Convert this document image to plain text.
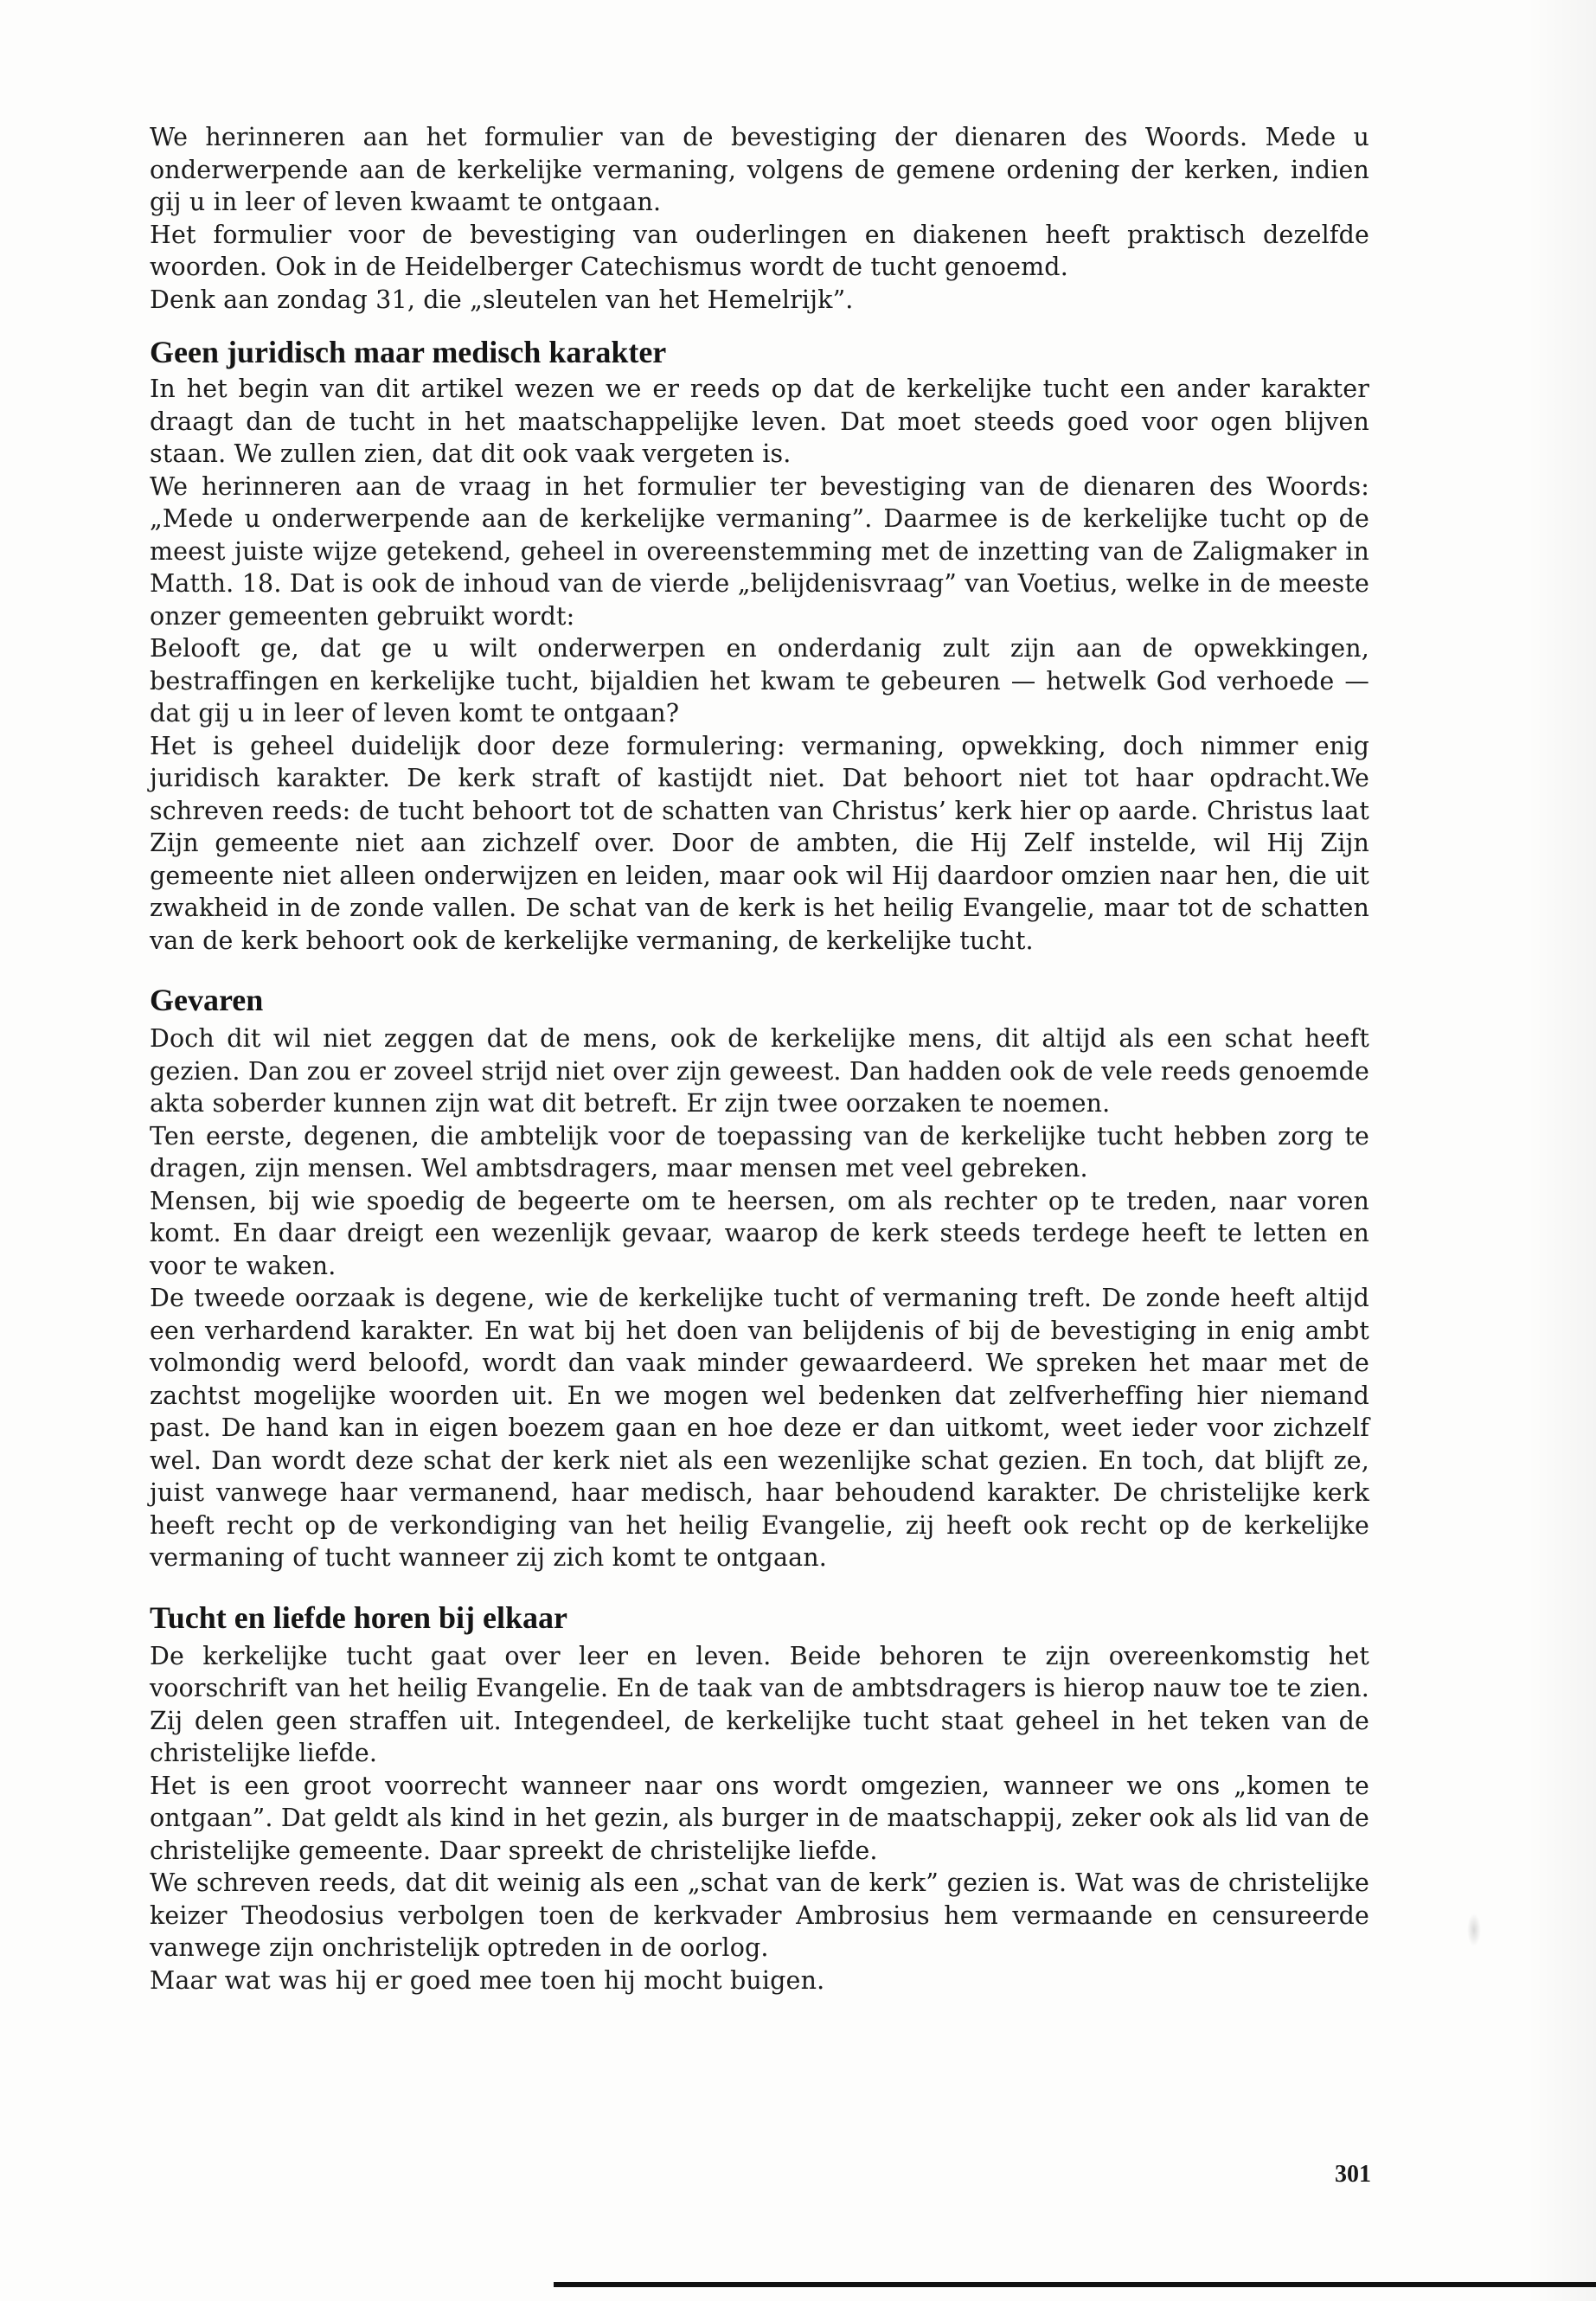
We herinneren aan het formulier van de bevestiging der dienaren des Woords. Mede u onderwerpende aan de kerkelijke vermaning, volgens de gemene ordening der kerken, indien gij u in leer of leven kwaamt te ontgaan.

Het formulier voor de bevestiging van ouderlingen en diakenen heeft praktisch dezelfde woorden. Ook in de Heidelberger Catechismus wordt de tucht genoemd.

Denk aan zondag 31, die „sleutelen van het Hemelrijk”.

Geen juridisch maar medisch karakter

In het begin van dit artikel wezen we er reeds op dat de kerkelijke tucht een ander karakter draagt dan de tucht in het maatschappelijke leven. Dat moet steeds goed voor ogen blijven staan. We zullen zien, dat dit ook vaak vergeten is.

We herinneren aan de vraag in het formulier ter bevestiging van de dienaren des Woords: „Mede u onderwerpende aan de kerkelijke vermaning”. Daarmee is de kerkelijke tucht op de meest juiste wijze getekend, geheel in overeenstemming met de inzetting van de Zaligmaker in Matth. 18. Dat is ook de inhoud van de vierde „belijdenisvraag” van Voetius, welke in de meeste onzer gemeenten gebruikt wordt:

Belooft ge, dat ge u wilt onderwerpen en onderdanig zult zijn aan de opwekkingen, bestraffingen en kerkelijke tucht, bijaldien het kwam te gebeuren — hetwelk God verhoede — dat gij u in leer of leven komt te ontgaan?

Het is geheel duidelijk door deze formulering: vermaning, opwekking, doch nimmer enig juridisch karakter. De kerk straft of kastijdt niet. Dat behoort niet tot haar opdracht.We schreven reeds: de tucht behoort tot de schatten van Christus’ kerk hier op aarde. Christus laat Zijn gemeente niet aan zichzelf over. Door de ambten, die Hij Zelf instelde, wil Hij Zijn gemeente niet alleen onderwijzen en leiden, maar ook wil Hij daardoor omzien naar hen, die uit zwakheid in de zonde vallen. De schat van de kerk is het heilig Evangelie, maar tot de schatten van de kerk behoort ook de kerkelijke vermaning, de kerkelijke tucht.

Gevaren

Doch dit wil niet zeggen dat de mens, ook de kerkelijke mens, dit altijd als een schat heeft gezien. Dan zou er zoveel strijd niet over zijn geweest. Dan hadden ook de vele reeds genoemde akta soberder kunnen zijn wat dit betreft. Er zijn twee oorzaken te noemen.

Ten eerste, degenen, die ambtelijk voor de toepassing van de kerkelijke tucht hebben zorg te dragen, zijn mensen. Wel ambtsdragers, maar mensen met veel gebreken.

Mensen, bij wie spoedig de begeerte om te heersen, om als rechter op te treden, naar voren komt. En daar dreigt een wezenlijk gevaar, waarop de kerk steeds terdege heeft te letten en voor te waken.

De tweede oorzaak is degene, wie de kerkelijke tucht of vermaning treft. De zonde heeft altijd een verhardend karakter. En wat bij het doen van belijdenis of bij de bevestiging in enig ambt volmondig werd beloofd, wordt dan vaak minder gewaardeerd. We spreken het maar met de zachtst mogelijke woorden uit. En we mogen wel bedenken dat zelfverheffing hier niemand past. De hand kan in eigen boezem gaan en hoe deze er dan uitkomt, weet ieder voor zichzelf wel. Dan wordt deze schat der kerk niet als een wezenlijke schat gezien. En toch, dat blijft ze, juist vanwege haar vermanend, haar medisch, haar behoudend karakter. De christelijke kerk heeft recht op de verkondiging van het heilig Evangelie, zij heeft ook recht op de kerkelijke vermaning of tucht wanneer zij zich komt te ontgaan.

Tucht en liefde horen bij elkaar

De kerkelijke tucht gaat over leer en leven. Beide behoren te zijn overeenkomstig het voorschrift van het heilig Evangelie. En de taak van de ambtsdragers is hierop nauw toe te zien. Zij delen geen straffen uit. Integendeel, de kerkelijke tucht staat geheel in het teken van de christelijke liefde.

Het is een groot voorrecht wanneer naar ons wordt omgezien, wanneer we ons „komen te ontgaan”. Dat geldt als kind in het gezin, als burger in de maatschappij, zeker ook als lid van de christelijke gemeente. Daar spreekt de christelijke liefde.

We schreven reeds, dat dit weinig als een „schat van de kerk” gezien is. Wat was de christelijke keizer Theodosius verbolgen toen de kerkvader Ambrosius hem vermaande en censureerde vanwege zijn onchristelijk optreden in de oorlog.

Maar wat was hij er goed mee toen hij mocht buigen.

301
